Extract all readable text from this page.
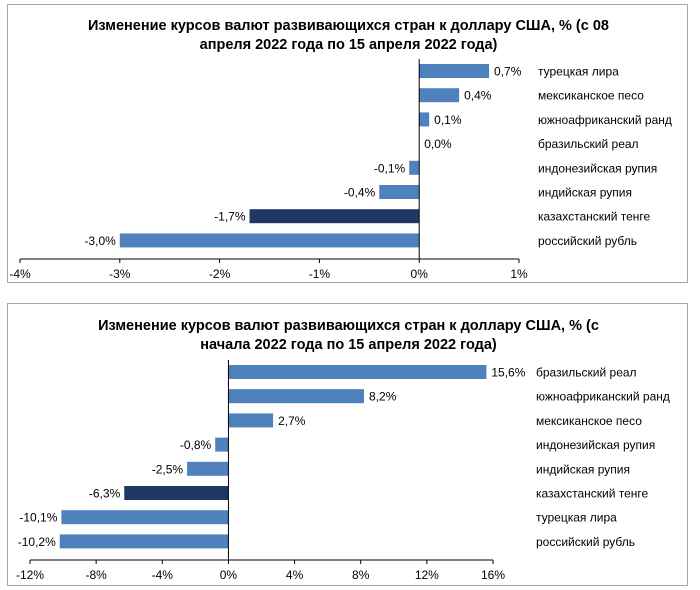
Изменение курсов валют развивающихся стран к доллару США, % (с 08
апреля 2022 года по 15 апреля 2022 года)
0,7% турецкая лира
0,4%	мексиканское песо
0,1%	южноафриканский ранд
0,0%	бразильский реал
-0,1%	индонезийская рупия
-0,4%	индийская рупия
-1,7%	казахстанский тенге
-3,0%	российский рубль
-4%	-3%	-2%	-1%	0%	1%
Изменение курсов валют развивающихся стран к доллару США, % (с
начала 2022 года по 15 апреля 2022 года)
15,6% бразильский реал
8,2%	южноафриканский ранд
2,7%	мексиканское песо
-0,8%	индонезийская рупия
-2,5%	индийская рупия
-6,3%	казахстанский тенге
-10,1%	турецкая лира
-10,2%	российский рубль
-12%	-8%	-4%	0%	4%	8%	12%	16%
